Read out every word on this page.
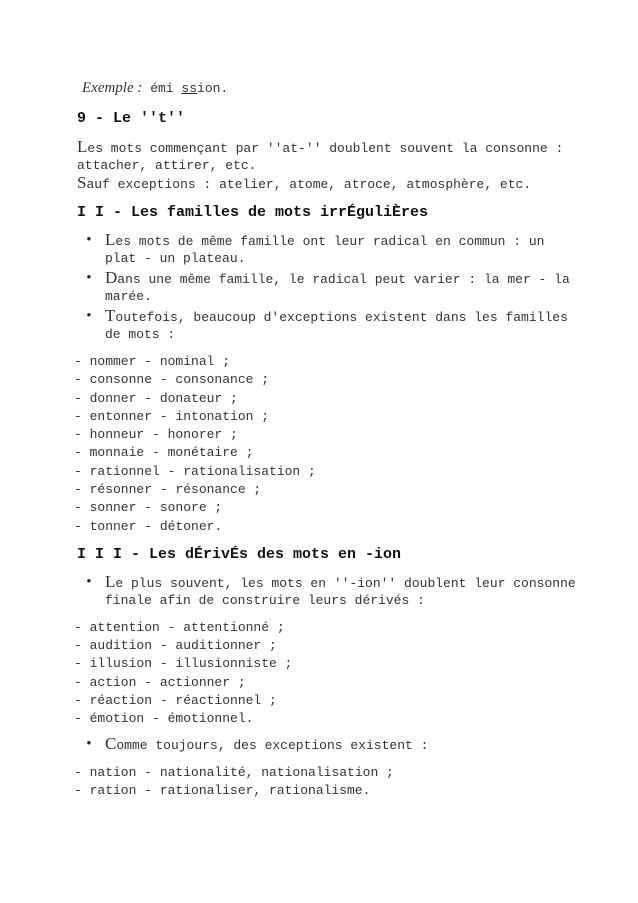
Exemple : émi ssion.
9 - Le ''t''
Les mots commençant par ''at-'' doublent souvent la consonne : attacher, attirer, etc.
Sauf exceptions : atelier, atome, atroce, atmosphère, etc.
I I - Les familles de mots irrÉguliÈres
• Les mots de même famille ont leur radical en commun : un plat - un plateau.
• Dans une même famille, le radical peut varier : la mer - la marée.
• Toutefois, beaucoup d'exceptions existent dans les familles de mots :
- nommer - nominal ;
- consonne - consonance ;
- donner - donateur ;
- entonner - intonation ;
- honneur - honorer ;
- monnaie - monétaire ;
- rationnel - rationalisation ;
- résonner - résonance ;
- sonner - sonore ;
- tonner - détoner.
I I I - Les dÉrivÉs des mots en -ion
• Le plus souvent, les mots en ''-ion'' doublent leur consonne finale afin de construire leurs dérivés :
- attention - attentionné ;
- audition - auditionner ;
- illusion - illusionniste ;
- action - actionner ;
- réaction - réactionnel ;
- émotion - émotionnel.
• Comme toujours, des exceptions existent :
- nation - nationalité, nationalisation ;
- ration - rationaliser, rationalisme.
